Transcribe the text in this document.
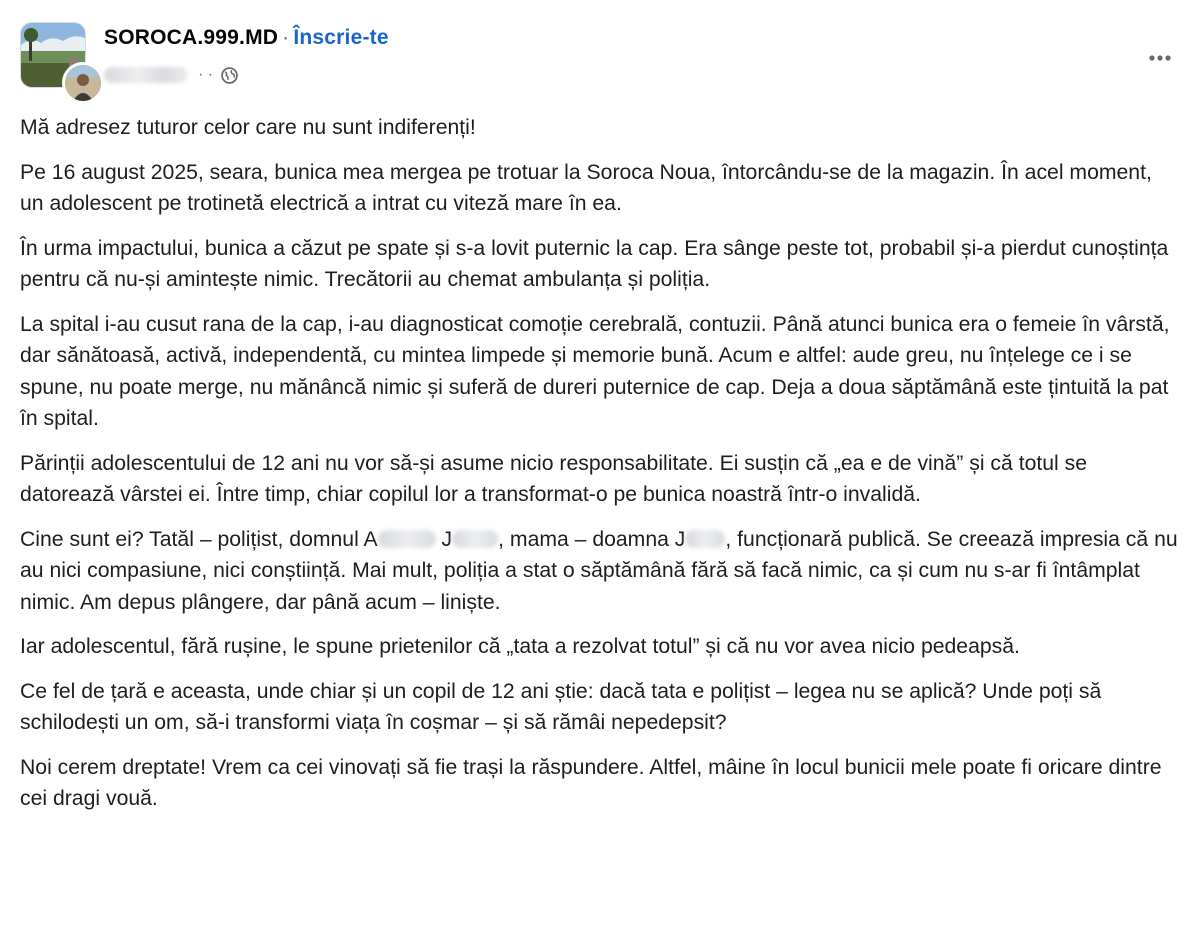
SOROCA.999.MD · Înscrie-te
· ·

Mă adresez tuturor celor care nu sunt indiferenți!

Pe 16 august 2025, seara, bunica mea mergea pe trotuar la Soroca Noua, întorcându-se de la magazin. În acel moment, un adolescent pe trotinetă electrică a intrat cu viteză mare în ea.

În urma impactului, bunica a căzut pe spate și s-a lovit puternic la cap. Era sânge peste tot, probabil și-a pierdut cunoștința pentru că nu-și amintește nimic. Trecătorii au chemat ambulanța și poliția.

La spital i-au cusut rana de la cap, i-au diagnosticat comoție cerebrală, contuzii. Până atunci bunica era o femeie în vârstă, dar sănătoasă, activă, independentă, cu mintea limpede și memorie bună. Acum e altfel: aude greu, nu înțelege ce i se spune, nu poate merge, nu mănâncă nimic și suferă de dureri puternice de cap. Deja a doua săptămână este țintuită la pat în spital.

Părinții adolescentului de 12 ani nu vor să-și asume nicio responsabilitate. Ei susțin că „ea e de vină” și că totul se datorează vârstei ei. Între timp, chiar copilul lor a transformat-o pe bunica noastră într-o invalidă.

Cine sunt ei? Tatăl – polițist, domnul A	J , mama – doamna J , funcționară publică. Se creează impresia că nu au nici compasiune, nici conștiință. Mai mult, poliția a stat o săptămână fără să facă nimic, ca și cum nu s-ar fi întâmplat nimic. Am depus plângere, dar până acum – liniște.

Iar adolescentul, fără rușine, le spune prietenilor că „tata a rezolvat totul” și că nu vor avea nicio pedeapsă.

Ce fel de țară e aceasta, unde chiar și un copil de 12 ani știe: dacă tata e polițist – legea nu se aplică? Unde poți să schilodești un om, să-i transformi viața în coșmar – și să rămâi nepedepsit?

Noi cerem dreptate! Vrem ca cei vinovați să fie trași la răspundere. Altfel, mâine în locul bunicii mele poate fi oricare dintre cei dragi vouă.
